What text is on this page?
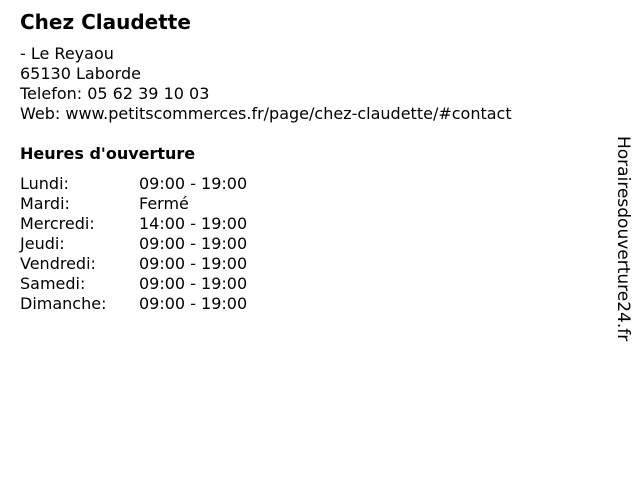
Chez Claudette
- Le Reyaou
65130 Laborde
Telefon: 05 62 39 10 03
Web: www.petitscommerces.fr/page/chez-claudette/#contact
Heures d'ouverture
Lundi:	09:00 - 19:00
Mardi:	Fermé
Mercredi:	14:00 - 19:00
Jeudi:	09:00 - 19:00
Vendredi:	09:00 - 19:00
Samedi:	09:00 - 19:00
Dimanche: 09:00 - 19:00	Horairesdouverture24.fr
